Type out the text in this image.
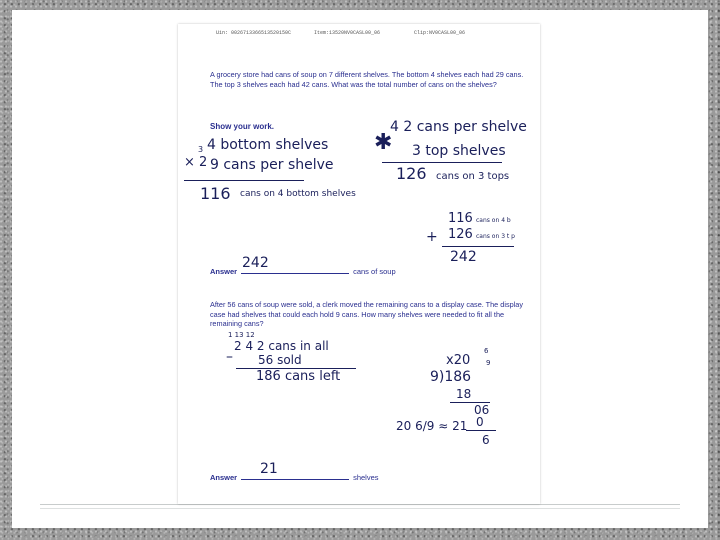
Uin: 0026713366513520150C	Item:13520NV0CASL00_06	Clip:NV0CASL00_06
A grocery store had cans of soup on 7 different shelves. The bottom 4 shelves each had 29 cans. The top 3 shelves each had 42 cans. What was the total number of cans on the shelves?
Show your work.
3 4 bottom shelves
× 2 9 cans per shelve
116 cans on 4 bottom shelves
✱
4 2 cans per shelve
3 top shelves
126 cans on 3 tops
116 cans on 4 b
+ 126 cans on 3 t p
242
Answer	cans of soup
242
After 56 cans of soup were sold, a clerk moved the remaining cans to a display case. The display case had shelves that could each hold 9 cans. How many shelves were needed to fit all the remaining cans?
1 13 12
2 4 2 cans in all
– 56 sold
186 cans left
x20
6
9
9)186
18
06
0
6
20 6/9 ≈ 21
Answer	shelves
21
